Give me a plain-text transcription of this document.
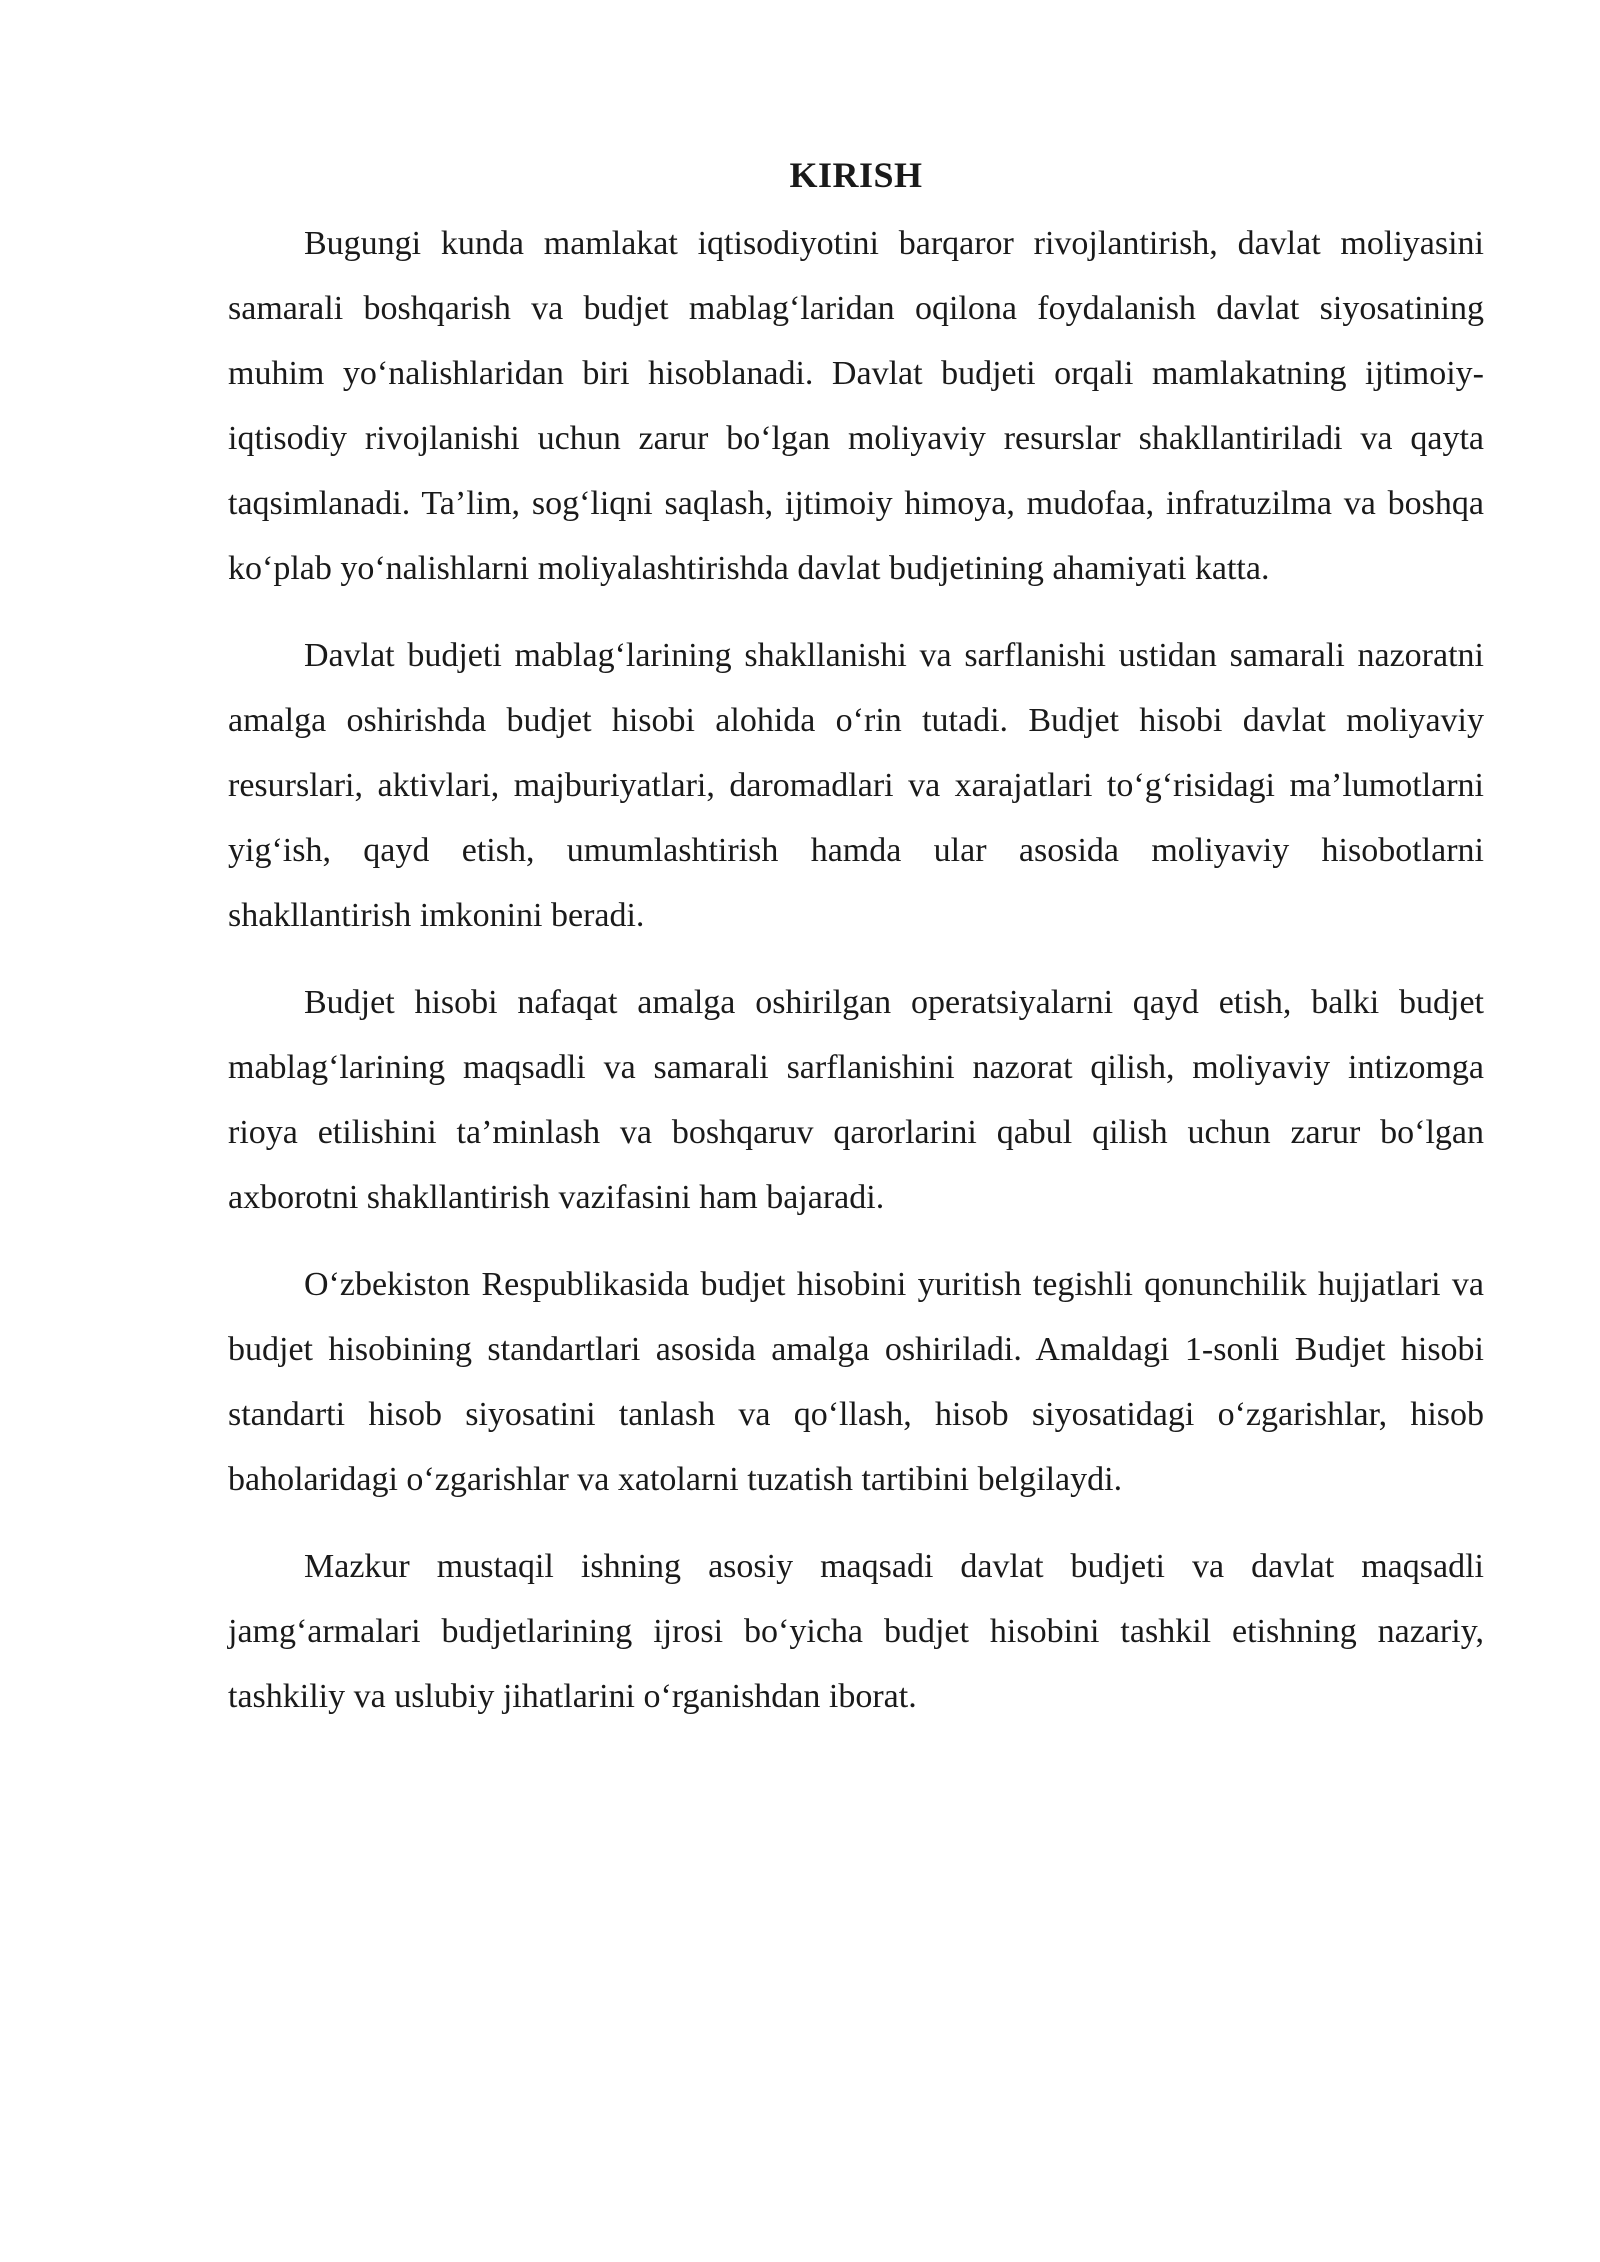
KIRISH

Bugungi kunda mamlakat iqtisodiyotini barqaror rivojlantirish, davlat moliyasini samarali boshqarish va budjet mablag‘laridan oqilona foydalanish davlat siyosatining muhim yo‘nalishlaridan biri hisoblanadi. Davlat budjeti orqali mamlakatning ijtimoiy-iqtisodiy rivojlanishi uchun zarur bo‘lgan moliyaviy resurslar shakllantiriladi va qayta taqsimlanadi. Ta’lim, sog‘liqni saqlash, ijtimoiy himoya, mudofaa, infratuzilma va boshqa ko‘plab yo‘nalishlarni moliyalashtirishda davlat budjetining ahamiyati katta.

Davlat budjeti mablag‘larining shakllanishi va sarflanishi ustidan samarali nazoratni amalga oshirishda budjet hisobi alohida o‘rin tutadi. Budjet hisobi davlat moliyaviy resurslari, aktivlari, majburiyatlari, daromadlari va xarajatlari to‘g‘risidagi ma’lumotlarni yig‘ish, qayd etish, umumlashtirish hamda ular asosida moliyaviy hisobotlarni shakllantirish imkonini beradi.

Budjet hisobi nafaqat amalga oshirilgan operatsiyalarni qayd etish, balki budjet mablag‘larining maqsadli va samarali sarflanishini nazorat qilish, moliyaviy intizomga rioya etilishini ta’minlash va boshqaruv qarorlarini qabul qilish uchun zarur bo‘lgan axborotni shakllantirish vazifasini ham bajaradi.

O‘zbekiston Respublikasida budjet hisobini yuritish tegishli qonunchilik hujjatlari va budjet hisobining standartlari asosida amalga oshiriladi. Amaldagi 1-sonli Budjet hisobi standarti hisob siyosatini tanlash va qo‘llash, hisob siyosatidagi o‘zgarishlar, hisob baholaridagi o‘zgarishlar va xatolarni tuzatish tartibini belgilaydi.

Mazkur mustaqil ishning asosiy maqsadi davlat budjeti va davlat maqsadli jamg‘armalari budjetlarining ijrosi bo‘yicha budjet hisobini tashkil etishning nazariy, tashkiliy va uslubiy jihatlarini o‘rganishdan iborat.
